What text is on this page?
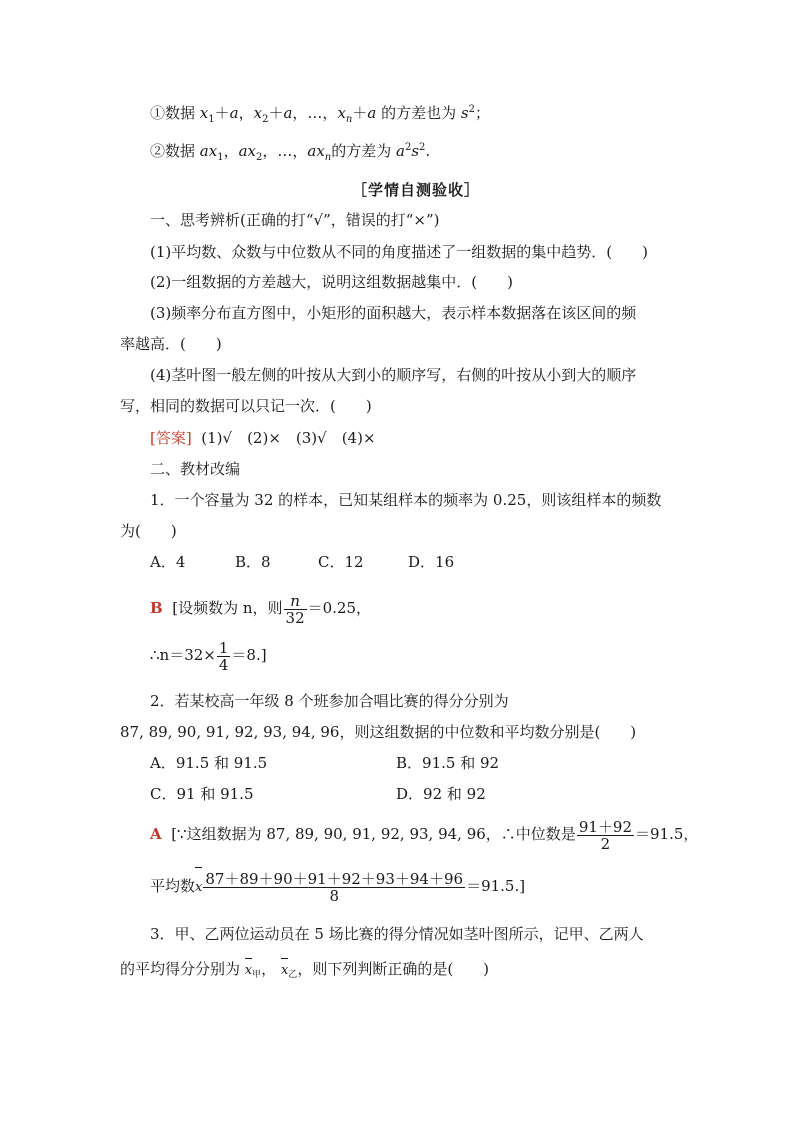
①数据 $x_1+a$，$x_2+a$，…，$x_n+a$ 的方差也为 $s^2$；
②数据 $ax_1$，$ax_2$，…，$ax_n$的方差为 $a^2s^2$.
［学情自测验收］
一、思考辨析(正确的打“√”，错误的打“×”)
(1)平均数、众数与中位数从不同的角度描述了一组数据的集中趋势．(　　)
(2)一组数据的方差越大，说明这组数据越集中．(　　)
(3)频率分布直方图中，小矩形的面积越大，表示样本数据落在该区间的频
率越高．(　　)
(4)茎叶图一般左侧的叶按从大到小的顺序写，右侧的叶按从小到大的顺序
写，相同的数据可以只记一次．(　　)
[答案] (1)√　(2)×　(3)√　(4)×
二、教材改编
1．一个容量为 32 的样本，已知某组样本的频率为 0.25，则该组样本的频数
为(　　)
A．4	B．8	C．12	D．16
B [设频数为 n，则 $\frac{n}{32} =0.25$，
∴n＝32× $\frac{1}{4} =8$.]
2．若某校高一年级 8 个班参加合唱比赛的得分分别为
87, 89, 90, 91, 92, 93, 94, 96，则这组数据的中位数和平均数分别是(　　)
A．91.5 和 91.5	B．91.5 和 92
C．91 和 91.5	D．92 和 92
A [∵这组数据为 87, 89, 90, 91, 92, 93, 94, 96，∴中位数是 $\frac{91+92}{2} =91.5$，
平均数x $\frac{87+89+90+91+92+93+94+96}{8} =91.5$.]
3．甲、乙两位运动员在 5 场比赛的得分情况如茎叶图所示，记甲、乙两人
的平均得分分别为 $x_甲$， $x_乙$，则下列判断正确的是(　　)
